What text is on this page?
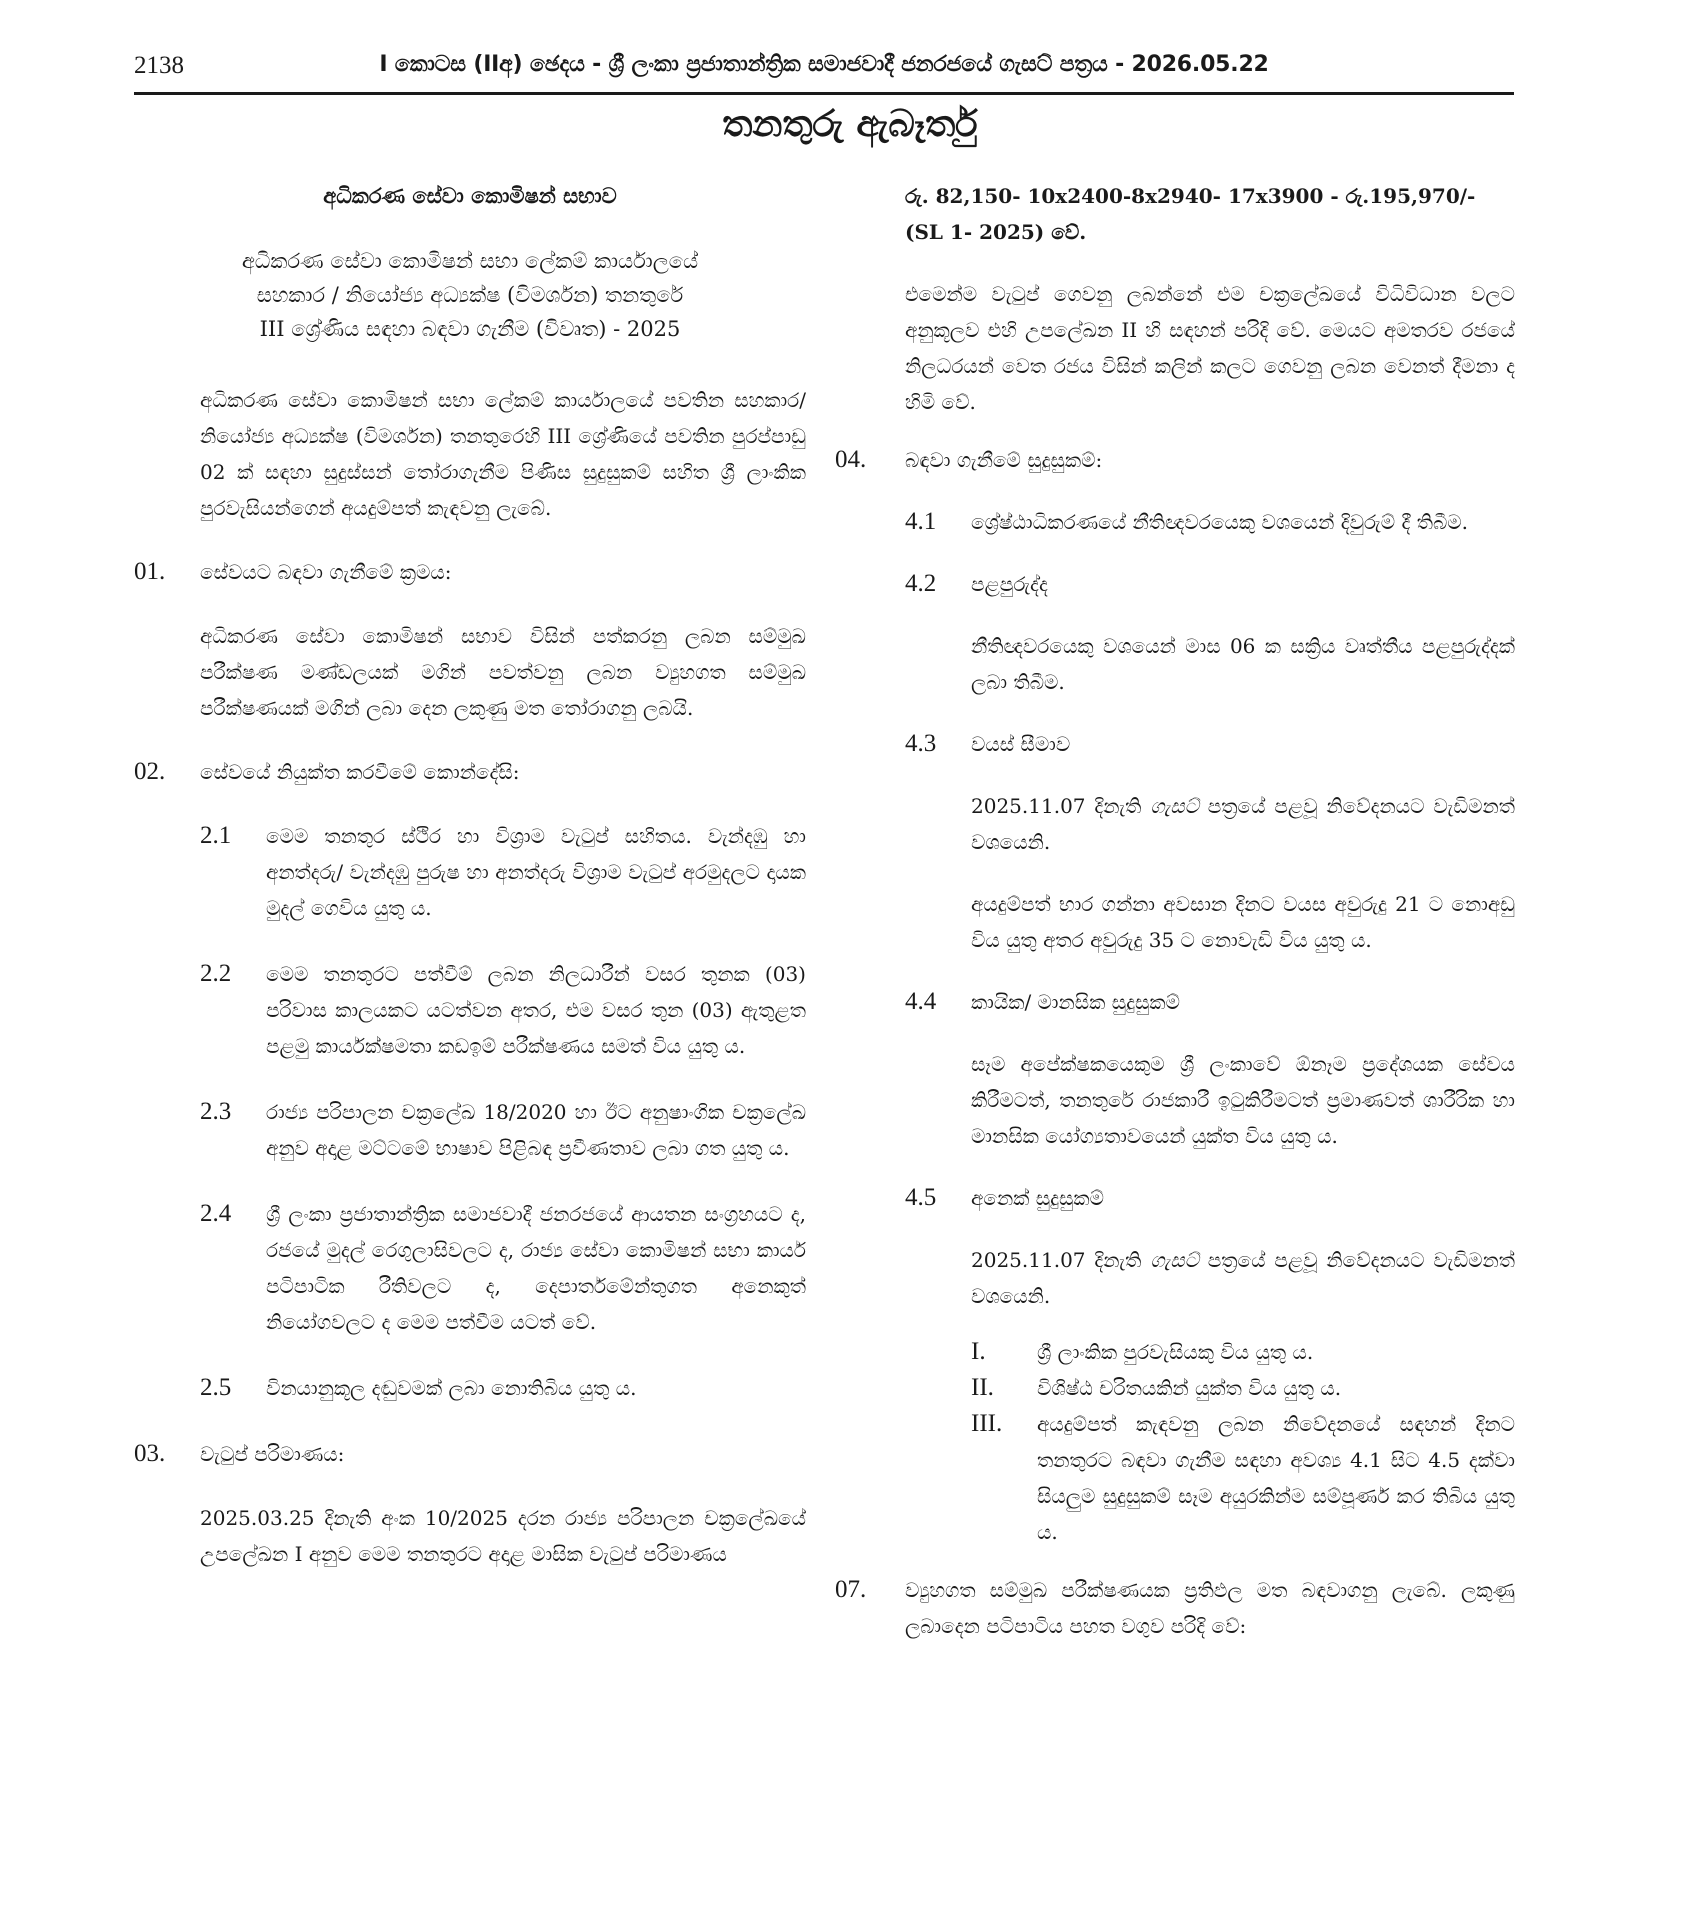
2138	I කොටස (IIඅ) ඡෙදය - ශ්‍රී ලංකා ප්‍රජාතාන්ත්‍රික සමාජවාදී ජනරජයේ ගැසට් පත්‍රය - 2026.05.22
තනතුරු ඇබෑර්තු
අධිකරණ සේවා කොමිෂන් සභාව
අධිකරණ සේවා කොමිෂන් සභා ලේකම් කාර්යාලයේ
සහකාර / නියෝජ්‍ය අධ්‍යක්ෂ (විමර්ශන) තනතුරේ
III ශ්‍රේණිය සඳහා බඳවා ගැනීම (විවෘත) - 2025

අධිකරණ සේවා කොමිෂන් සභා ලේකම් කාර්යාලයේ පවතින සහකාර/නියෝජ්‍ය අධ්‍යක්ෂ (විමර්ශන) තනතුරෙහි III ශ්‍රේණියේ පවතින පුරප්පාඩු 02 ක් සඳහා සුදුස්සන් තෝරාගැනීම පිණිස සුදුසුකම් සහිත ශ්‍රී ලාංකික පුරවැසියන්ගෙන් අයදුම්පත් කැඳවනු ලැබේ.

01.	සේවයට බඳවා ගැනීමේ ක්‍රමය:

අධිකරණ සේවා කොමිෂන් සභාව විසින් පත්කරනු ලබන සම්මුඛ පරීක්ෂණ මණ්ඩලයක් මගින් පවත්වනු ලබන ව්‍යුහගත සම්මුඛ පරීක්ෂණයක් මගින් ලබා දෙන ලකුණු මත තෝරාගනු ලබයි.

02.	සේවයේ නියුක්ත කරවීමේ කොන්දේසි:
2.1	මෙම තනතුර ස්ථිර හා විශ්‍රාම වැටුප් සහිතය. වැන්දඹු හා අනත්දරු/ වැන්දඹු පුරුෂ හා අනත්දරු විශ්‍රාම වැටුප් අරමුදලට දායක මුදල් ගෙවිය යුතු ය.
2.2	මෙම තනතුරට පත්වීම් ලබන නිලධාරීන් වසර තුනක (03) පරිවාස කාලයකට යටත්වන අතර, එම වසර තුන (03) ඇතුළත පළමු කාර්යක්ෂමතා කඩඉම් පරීක්ෂණය සමත් විය යුතු ය.
2.3	රාජ්‍ය පරිපාලන චක්‍රලේඛ 18/2020 හා ඊට අනුෂාංගික චක්‍රලේඛ අනුව අදාළ මට්ටමේ භාෂාව පිළිබඳ ප්‍රවීණතාව ලබා ගත යුතු ය.
2.4	ශ්‍රී ලංකා ප්‍රජාතාන්ත්‍රික සමාජවාදී ජනරජයේ ආයතන සංග්‍රහයට ද, රජයේ මුදල් රෙගුලාසිවලට ද, රාජ්‍ය සේවා කොමිෂන් සභා කාර්ය පටිපාටික රීතිවලට ද, දෙපාර්තමේන්තුගත අනෙකුත් නියෝගවලට ද මෙම පත්වීම යටත් වේ.
2.5	විනයානුකූල දඬුවමක් ලබා නොතිබිය යුතු ය.
03.	වැටුප් පරිමාණය:

2025.03.25 දිනැති අංක 10/2025 දරන රාජ්‍ය පරිපාලන චක්‍රලේඛයේ උපලේඛන I අනුව මෙම තනතුරට අදාළ මාසික වැටුප් පරිමාණය

රු. 82,150- 10x2400-8x2940- 17x3900 - රු.195,970/-
(SL 1- 2025) වේ.

එමෙන්ම වැටුප් ගෙවනු ලබන්නේ එම චක්‍රලේඛයේ විධිවිධාන වලට අනුකූලව එහි උපලේඛන II හි සඳහන් පරිදි වේ. මෙයට අමතරව රජයේ නිලධරයන් වෙත රජය විසින් කලින් කලට ගෙවනු ලබන වෙනත් දීමනා ද හිමි වේ.

04.	බඳවා ගැනීමේ සුදුසුකම්:
4.1	ශ්‍රේෂ්ඨාධිකරණයේ නීතිඥවරයෙකු වශයෙන් දිවුරුම් දී තිබීම.
4.2	පළපුරුද්ද

නීතිඥවරයෙකු වශයෙන් මාස 06 ක සක්‍රිය වෘත්තීය පළපුරුද්දක් ලබා තිබීම.

4.3	වයස් සීමාව

2025.11.07 දිනැති ගැසට් පත්‍රයේ පළවූ නිවේදනයට වැඩිමනත් වශයෙනි.

අයදුම්පත් භාර ගන්නා අවසාන දිනට වයස අවුරුදු 21 ට නොඅඩු විය යුතු අතර අවුරුදු 35 ට නොවැඩි විය යුතු ය.

4.4	කායික/ මානසික සුදුසුකම්

සෑම අපේක්ෂකයෙකුම ශ්‍රී ලංකාවේ ඕනෑම ප්‍රදේශයක සේවය කිරීමටත්, තනතුරේ රාජකාරී ඉටුකිරීමටත් ප්‍රමාණවත් ශාරීරික හා මානසික යෝග්‍යතාවයෙන් යුක්ත විය යුතු ය.

4.5	අනෙක් සුදුසුකම්

2025.11.07 දිනැති ගැසට් පත්‍රයේ පළවූ නිවේදනයට වැඩිමනත් වශයෙනි.

I.	ශ්‍රී ලාංකික පුරවැසියකු විය යුතු ය.
II.	විශිෂ්ඨ චරිතයකින් යුක්ත විය යුතු ය.
III.	අයදුම්පත් කැඳවනු ලබන නිවේදනයේ සඳහන් දිනට තනතුරට බඳවා ගැනීම සඳහා අවශ්‍ය 4.1 සිට 4.5 දක්වා සියලුම සුදුසුකම් සෑම අයුරකින්ම සම්පූර්ණ කර තිබිය යුතු ය.
07.	ව්‍යුහගත සම්මුඛ පරීක්ෂණයක ප්‍රතිඵල මත බඳවාගනු ලැබේ. ලකුණු ලබාදෙන පටිපාටිය පහත වගුව පරිදි වේ:
